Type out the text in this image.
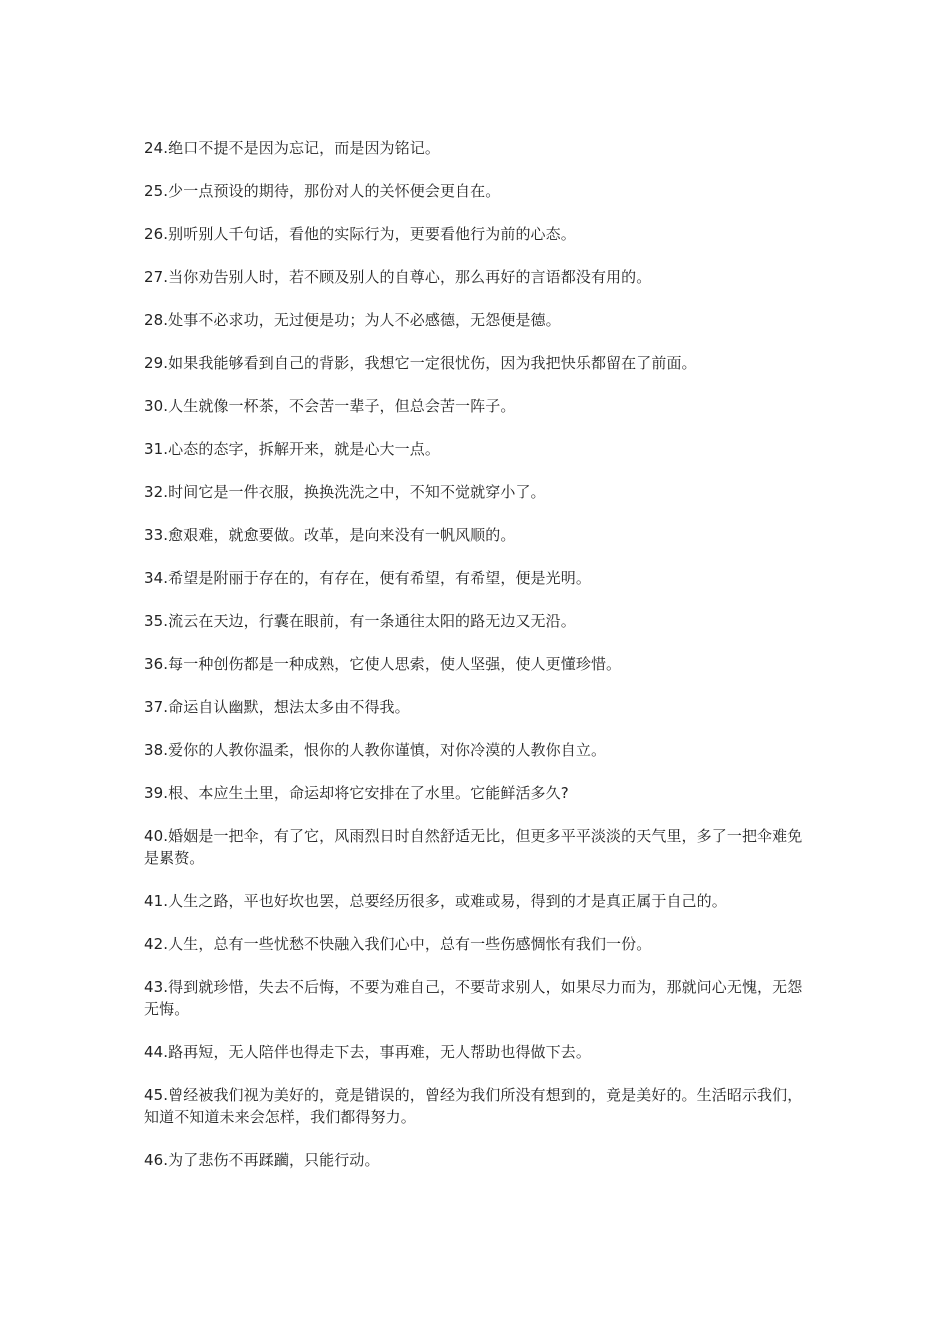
24.绝口不提不是因为忘记，而是因为铭记。

25.少一点预设的期待，那份对人的关怀便会更自在。

26.别听别人千句话，看他的实际行为，更要看他行为前的心态。

27.当你劝告别人时，若不顾及别人的自尊心，那么再好的言语都没有用的。

28.处事不必求功，无过便是功；为人不必感德，无怨便是德。

29.如果我能够看到自己的背影，我想它一定很忧伤，因为我把快乐都留在了前面。

30.人生就像一杯茶，不会苦一辈子，但总会苦一阵子。

31.心态的态字，拆解开来，就是心大一点。

32.时间它是一件衣服，换换洗洗之中，不知不觉就穿小了。

33.愈艰难，就愈要做。改革，是向来没有一帆风顺的。

34.希望是附丽于存在的，有存在，便有希望，有希望，便是光明。

35.流云在天边，行囊在眼前，有一条通往太阳的路无边又无沿。

36.每一种创伤都是一种成熟，它使人思索，使人坚强，使人更懂珍惜。

37.命运自认幽默，想法太多由不得我。

38.爱你的人教你温柔，恨你的人教你谨慎，对你冷漠的人教你自立。

39.根、本应生土里，命运却将它安排在了水里。它能鲜活多久?

40.婚姻是一把伞，有了它，风雨烈日时自然舒适无比，但更多平平淡淡的天气里，多了一把伞难免是累赘。

41.人生之路，平也好坎也罢，总要经历很多，或难或易，得到的才是真正属于自己的。

42.人生，总有一些忧愁不快融入我们心中，总有一些伤感惆怅有我们一份。

43.得到就珍惜，失去不后悔，不要为难自己，不要苛求别人，如果尽力而为，那就问心无愧，无怨无悔。

44.路再短，无人陪伴也得走下去，事再难，无人帮助也得做下去。

45.曾经被我们视为美好的，竟是错误的，曾经为我们所没有想到的，竟是美好的。生活昭示我们，知道不知道未来会怎样，我们都得努力。

46.为了悲伤不再蹂躏，只能行动。
